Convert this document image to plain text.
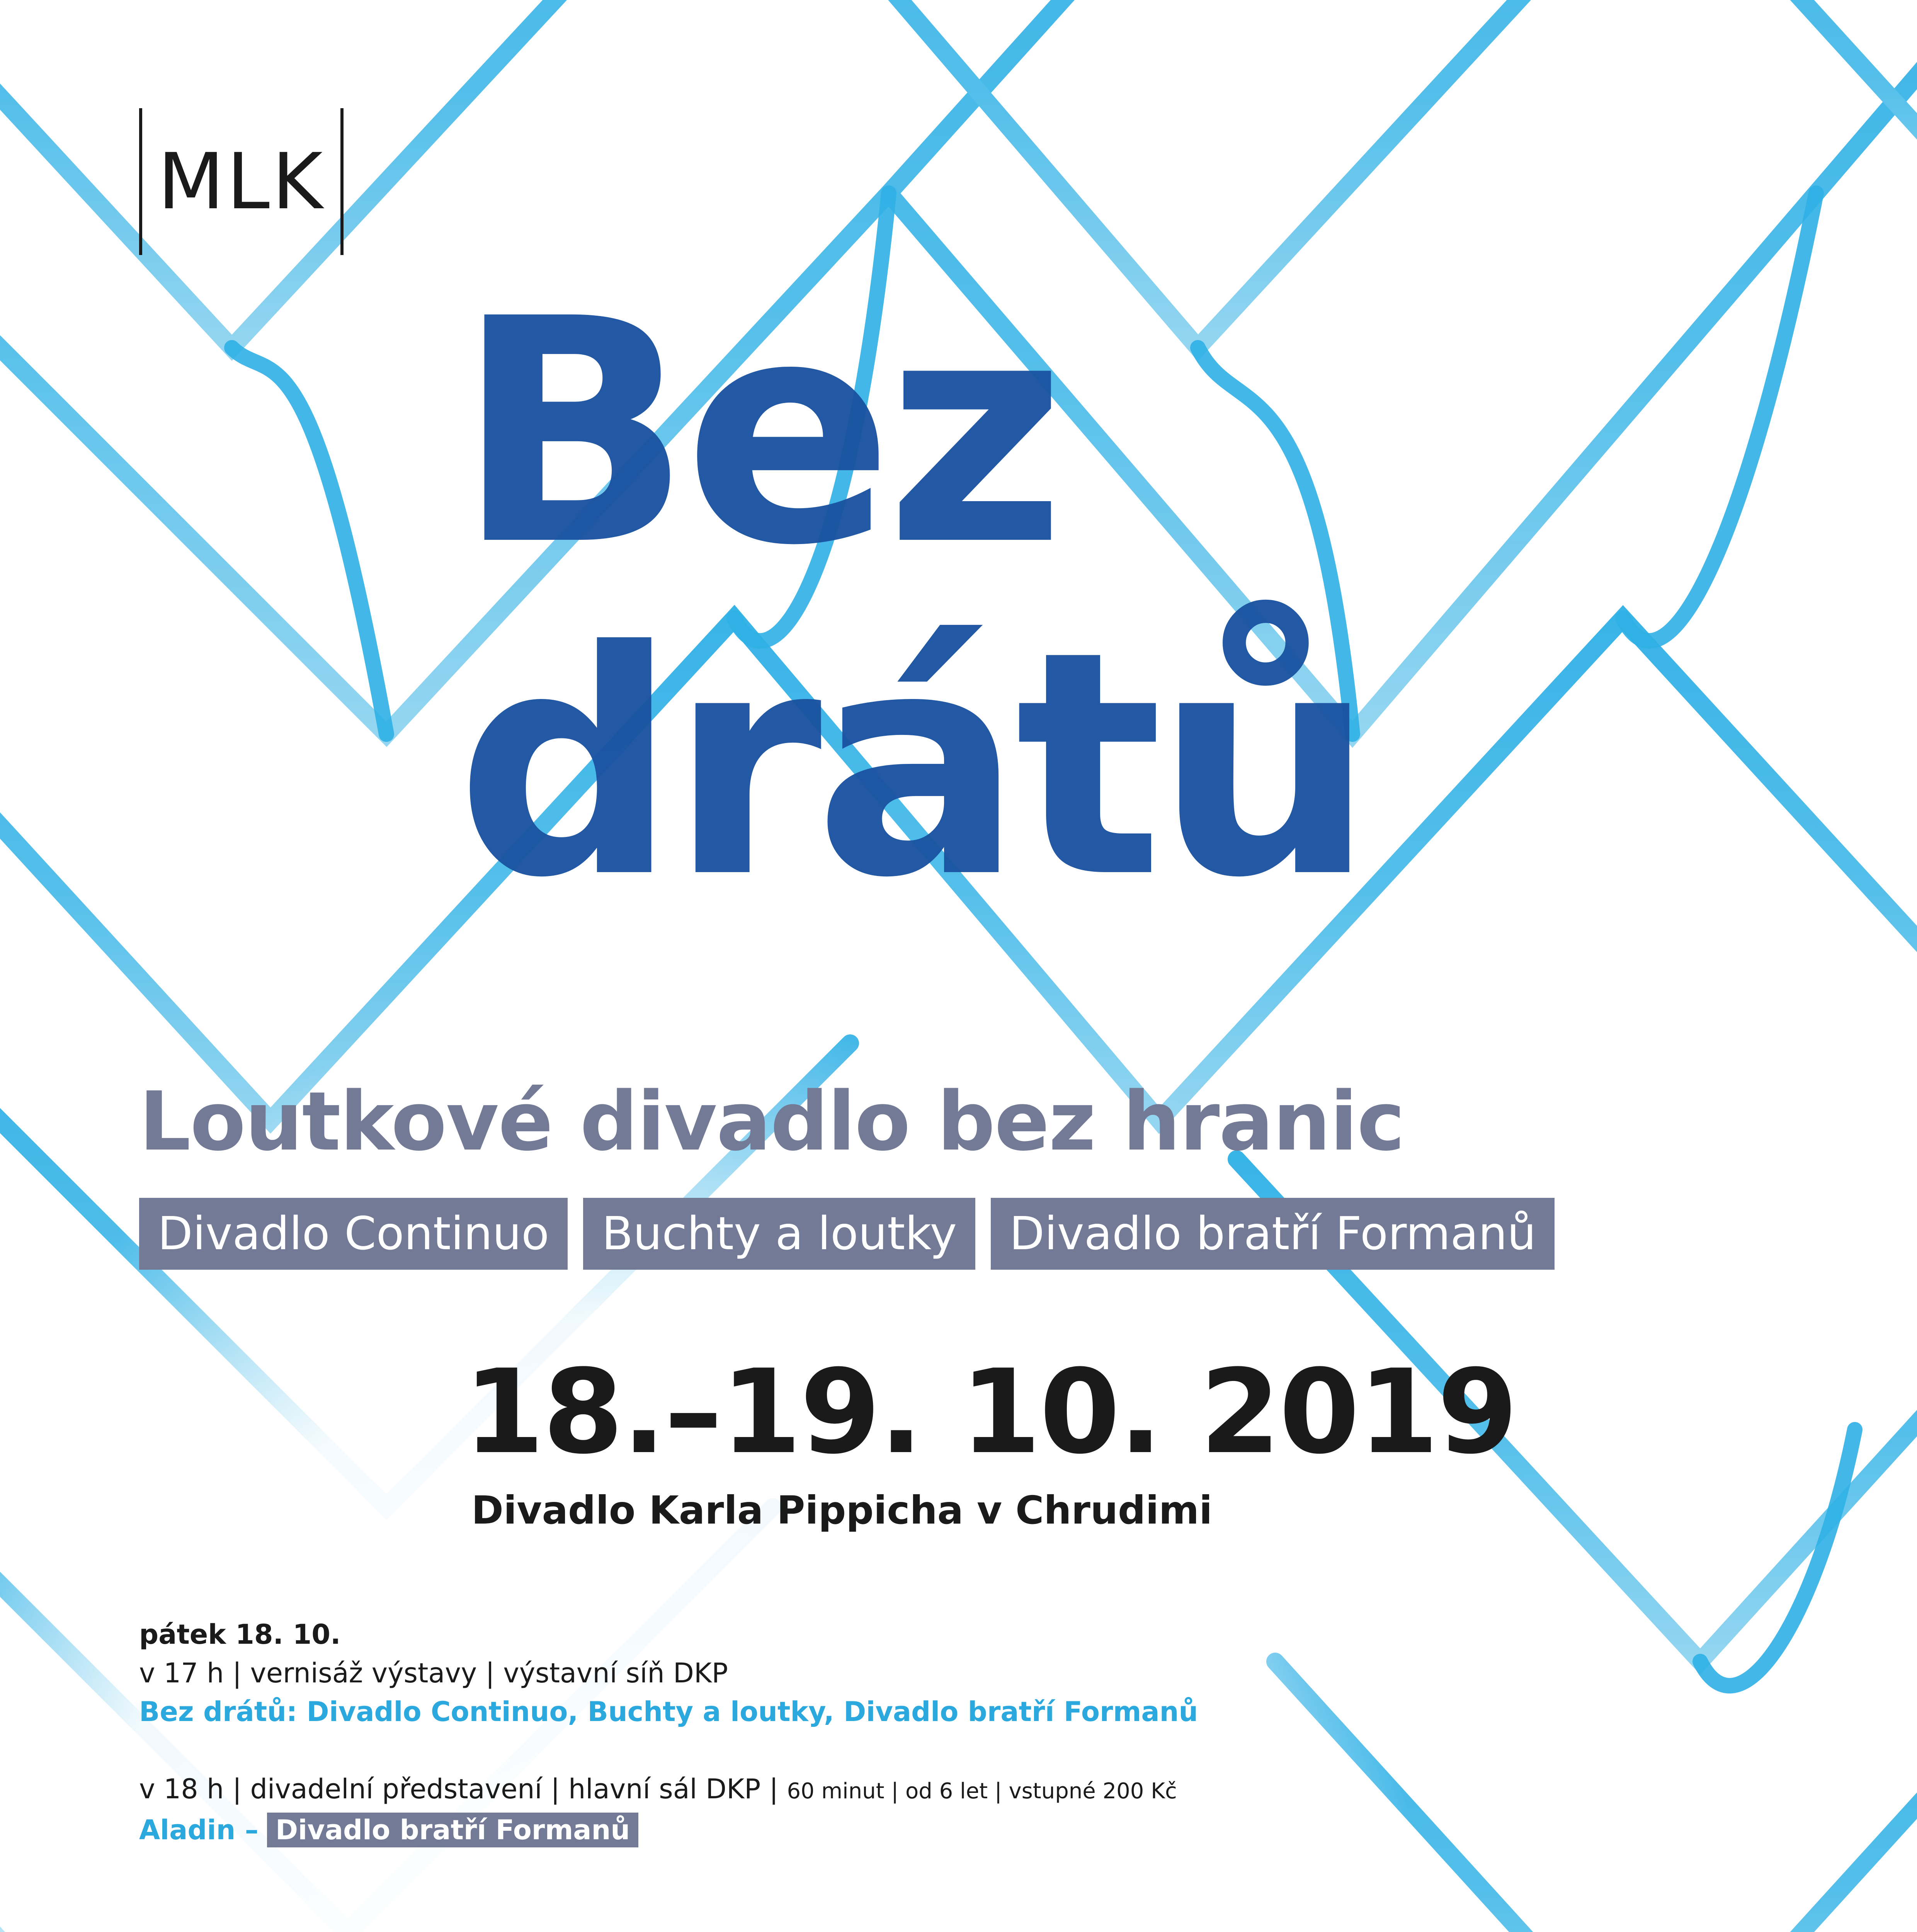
MLK
Bez
drátů
Loutkové divadlo bez hranic
Divadlo Continuo	Buchty a loutky	Divadlo bratří Formanů
18.–19. 10. 2019
Divadlo Karla Pippicha v Chrudimi
pátek 18. 10.
v 17 h | vernisáž výstavy | výstavní síň DKP
Bez drátů: Divadlo Continuo, Buchty a loutky, Divadlo bratří Formanů
v 18 h | divadelní představení | hlavní sál DKP | 60 minut | od 6 let | vstupné 200 Kč
Aladin – Divadlo bratří Formanů
